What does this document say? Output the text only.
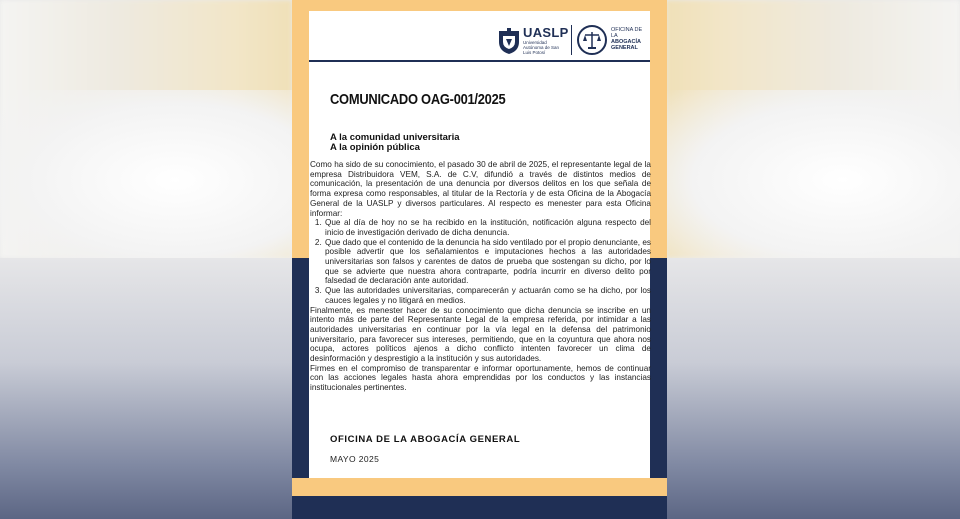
UASLP
Universidad Autónoma de San Luis Potosí
OFICINA DE LA
ABOGACÍA
GENERAL
COMUNICADO OAG-001/2025
A la comunidad universitaria
A la opinión pública

Como ha sido de su conocimiento, el pasado 30 de abril de 2025, el representante legal de la empresa Distribuidora VEM, S.A. de C.V, difundió a través de distintos medios de comunicación, la presentación de una denuncia por diversos delitos en los que señala de forma expresa como responsables, al titular de la Rectoría y de esta Oficina de la Abogacía General de la UASLP y diversos particulares. Al respecto es menester para esta Oficina informar:

1. Que al día de hoy no se ha recibido en la institución, notificación alguna respecto del inicio de investigación derivado de dicha denuncia.
2. Que dado que el contenido de la denuncia ha sido ventilado por el propio denunciante, es posible advertir que los señalamientos e imputaciones hechos a las autoridades universitarias son falsos y carentes de datos de prueba que sostengan su dicho, por lo que se advierte que nuestra ahora contraparte, podría incurrir en diverso delito por falsedad de declaración ante autoridad.
3. Que las autoridades universitarias, comparecerán y actuarán como se ha dicho, por los cauces legales y no litigará en medios.

Finalmente, es menester hacer de su conocimiento que dicha denuncia se inscribe en un intento más de parte del Representante Legal de la empresa referida, por intimidar a las autoridades universitarias en continuar por la vía legal en la defensa del patrimonio universitario, para favorecer sus intereses, permitiendo, que en la coyuntura que ahora nos ocupa, actores políticos ajenos a dicho conflicto intenten favorecer un clima de desinformación y desprestigio a la institución y sus autoridades.

Firmes en el compromiso de transparentar e informar oportunamente, hemos de continuar con las acciones legales hasta ahora emprendidas por los conductos y las instancias institucionales pertinentes.

OFICINA DE LA ABOGACÍA GENERAL
MAYO 2025
